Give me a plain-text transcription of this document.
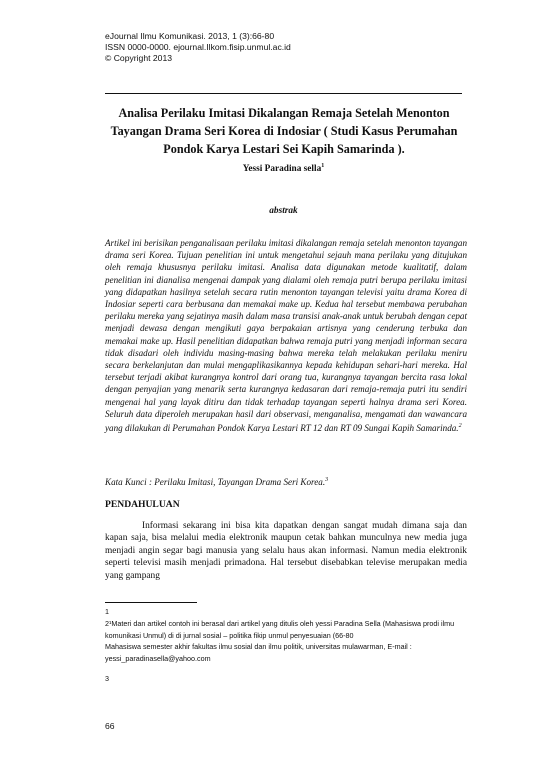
eJournal Ilmu Komunikasi. 2013, 1 (3):66-80
ISSN 0000-0000. ejournal.Ilkom.fisip.unmul.ac.id
© Copyright 2013
Analisa Perilaku Imitasi Dikalangan Remaja Setelah Menonton Tayangan Drama Seri Korea di Indosiar ( Studi Kasus Perumahan Pondok Karya Lestari Sei Kapih Samarinda ).
Yessi Paradina sella$^1$
abstrak
Artikel ini berisikan penganalisaan perilaku imitasi dikalangan remaja setelah menonton tayangan drama seri Korea. Tujuan penelitian ini untuk mengetahui sejauh mana perilaku yang ditujukan oleh remaja khususnya perilaku imitasi. Analisa data digunakan metode kualitatif, dalam penelitian ini dianalisa mengenai dampak yang dialami oleh remaja putri berupa perilaku imitasi yang didapatkan hasilnya setelah secara rutin menonton tayangan televisi yaitu drama Korea di Indosiar seperti cara berbusana dan memakai make up. Kedua hal tersebut membawa perubahan perilaku mereka yang sejatinya masih dalam masa transisi anak-anak untuk berubah dengan cepat menjadi dewasa dengan mengikuti gaya berpakaian artisnya yang cenderung terbuka dan memakai make up. Hasil penelitian didapatkan bahwa remaja putri yang menjadi informan secara tidak disadari oleh individu masing-masing bahwa mereka telah melakukan perilaku meniru secara berkelanjutan dan mulai mengaplikasikannya kepada kehidupan sehari-hari mereka. Hal tersebut terjadi akibat kurangnya kontrol dari orang tua, kurangnya tayangan bercita rasa lokal dengan penyajian yang menarik serta kurangnya kedasaran dari remaja-remaja putri itu sendiri mengenai hal yang layak ditiru dan tidak terhadap tayangan seperti halnya drama seri Korea. Seluruh data diperoleh merupakan hasil dari observasi, menganalisa, mengamati dan wawancara yang dilakukan di Perumahan Pondok Karya Lestari RT 12 dan RT 09 Sungai Kapih Samarinda.$^2$
Kata Kunci : Perilaku Imitasi, Tayangan Drama Seri Korea.$^3$
PENDAHULUAN
Informasi sekarang ini bisa kita dapatkan dengan sangat mudah dimana saja dan kapan saja, bisa melalui media elektronik maupun cetak bahkan munculnya new media juga menjadi angin segar bagi manusia yang selalu haus akan informasi. Namun media elektronik seperti televisi masih menjadi primadona. Hal tersebut disebabkan televise merupakan media yang gampang

1

2¹Materi dan artikel contoh ini berasal dari artikel yang ditulis oleh yessi Paradina Sella (Mahasiswa prodi ilmu komunikasi Unmul) di di jurnal sosial – politika fikip unmul penyesuaian (66-80

Mahasiswa semester akhir fakultas ilmu sosial dan ilmu politik, universitas mulawarman, E-mail : yessi_paradinasella@yahoo.com

3

66
